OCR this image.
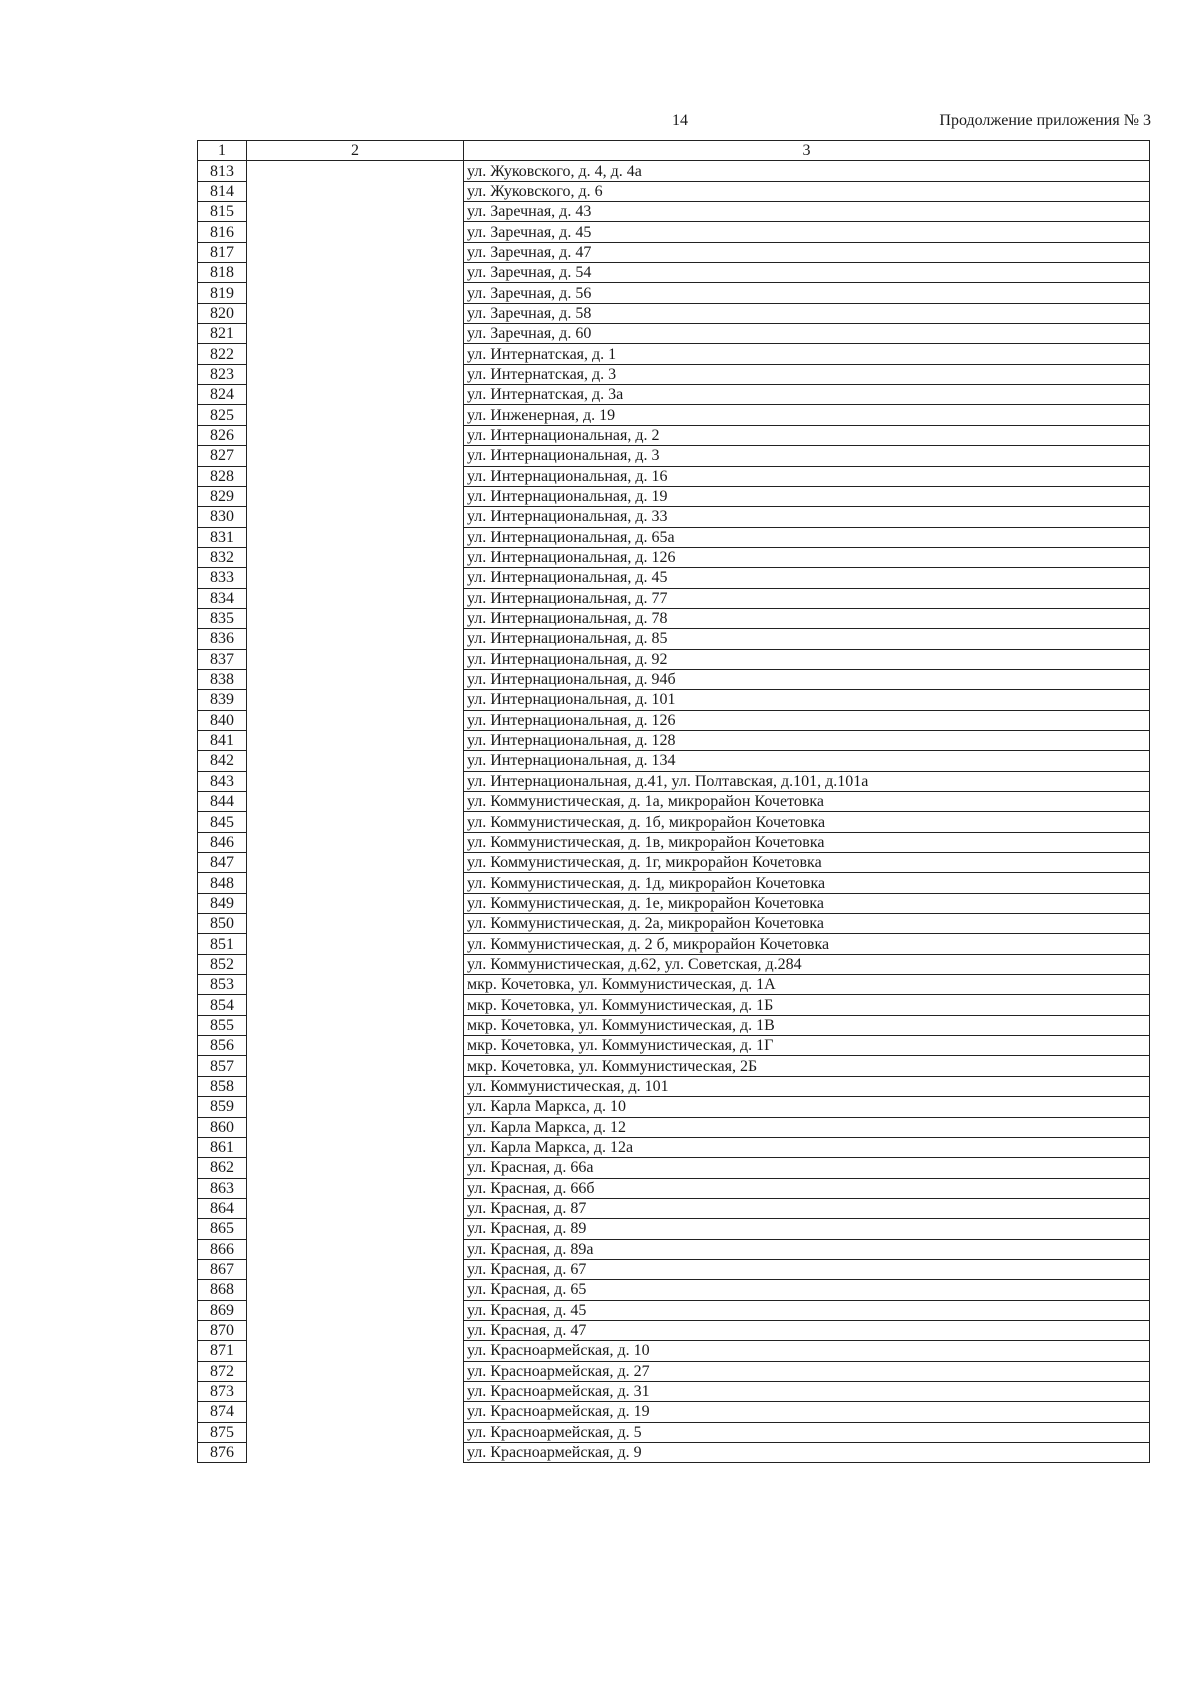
14	Продолжение приложения № 3
1	2	3
813		ул. Жуковского, д. 4, д. 4а
814		ул. Жуковского, д. 6
815		ул. Заречная, д. 43
816		ул. Заречная, д. 45
817		ул. Заречная, д. 47
818		ул. Заречная, д. 54
819		ул. Заречная, д. 56
820		ул. Заречная, д. 58
821		ул. Заречная, д. 60
822		ул. Интернатская, д. 1
823		ул. Интернатская, д. 3
824		ул. Интернатская, д. 3а
825		ул. Инженерная, д. 19
826		ул. Интернациональная, д. 2
827		ул. Интернациональная, д. 3
828		ул. Интернациональная, д. 16
829		ул. Интернациональная, д. 19
830		ул. Интернациональная, д. 33
831		ул. Интернациональная, д. 65а
832		ул. Интернациональная, д. 126
833		ул. Интернациональная, д. 45
834		ул. Интернациональная, д. 77
835		ул. Интернациональная, д. 78
836		ул. Интернациональная, д. 85
837		ул. Интернациональная, д. 92
838		ул. Интернациональная, д. 94б
839		ул. Интернациональная, д. 101
840		ул. Интернациональная, д. 126
841		ул. Интернациональная, д. 128
842		ул. Интернациональная, д. 134
843		ул. Интернациональная, д.41, ул. Полтавская, д.101, д.101а
844		ул. Коммунистическая, д. 1а, микрорайон Кочетовка
845		ул. Коммунистическая, д. 1б, микрорайон Кочетовка
846		ул. Коммунистическая, д. 1в, микрорайон Кочетовка
847		ул. Коммунистическая, д. 1г, микрорайон Кочетовка
848		ул. Коммунистическая, д. 1д, микрорайон Кочетовка
849		ул. Коммунистическая, д. 1е, микрорайон Кочетовка
850		ул. Коммунистическая, д. 2а, микрорайон Кочетовка
851		ул. Коммунистическая, д. 2 б, микрорайон Кочетовка
852		ул. Коммунистическая, д.62, ул. Советская, д.284
853		мкр. Кочетовка, ул. Коммунистическая, д. 1А
854		мкр. Кочетовка, ул. Коммунистическая, д. 1Б
855		мкр. Кочетовка, ул. Коммунистическая, д. 1В
856		мкр. Кочетовка, ул. Коммунистическая, д. 1Г
857		мкр. Кочетовка, ул. Коммунистическая, 2Б
858		ул. Коммунистическая, д. 101
859		ул. Карла Маркса, д. 10
860		ул. Карла Маркса, д. 12
861		ул. Карла Маркса, д. 12а
862		ул. Красная, д. 66а
863		ул. Красная, д. 66б
864		ул. Красная, д. 87
865		ул. Красная, д. 89
866		ул. Красная, д. 89а
867		ул. Красная, д. 67
868		ул. Красная, д. 65
869		ул. Красная, д. 45
870		ул. Красная, д. 47
871		ул. Красноармейская, д. 10
872		ул. Красноармейская, д. 27
873		ул. Красноармейская, д. 31
874		ул. Красноармейская, д. 19
875		ул. Красноармейская, д. 5
876		ул. Красноармейская, д. 9
